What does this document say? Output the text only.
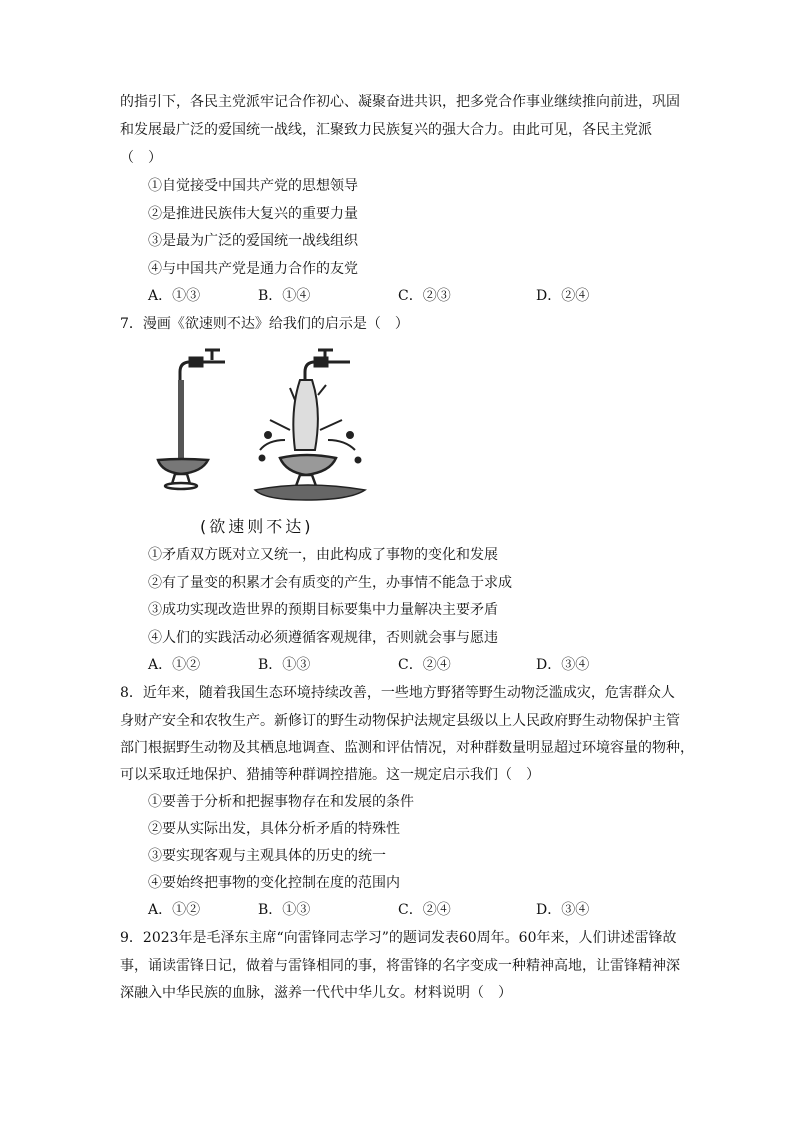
的指引下，各民主党派牢记合作初心、凝聚奋进共识，把多党合作事业继续推向前进，巩固
和发展最广泛的爱国统一战线，汇聚致力民族复兴的强大合力。由此可见，各民主党派
（　）
①自觉接受中国共产党的思想领导
②是推进民族伟大复兴的重要力量
③是最为广泛的爱国统一战线组织
④与中国共产党是通力合作的友党
A．①③	B．①④	C．②③	D．②④
7．漫画《欲速则不达》给我们的启示是（　）
(欲速则不达)
①矛盾双方既对立又统一，由此构成了事物的变化和发展
②有了量变的积累才会有质变的产生，办事情不能急于求成
③成功实现改造世界的预期目标要集中力量解决主要矛盾
④人们的实践活动必须遵循客观规律，否则就会事与愿违
A．①②	B．①③	C．②④	D．③④
8．近年来，随着我国生态环境持续改善，一些地方野猪等野生动物泛滥成灾，危害群众人
身财产安全和农牧生产。新修订的野生动物保护法规定县级以上人民政府野生动物保护主管
部门根据野生动物及其栖息地调查、监测和评估情况，对种群数量明显超过环境容量的物种，
可以采取迁地保护、猎捕等种群调控措施。这一规定启示我们（　）
①要善于分析和把握事物存在和发展的条件
②要从实际出发，具体分析矛盾的特殊性
③要实现客观与主观具体的历史的统一
④要始终把事物的变化控制在度的范围内
A．①②	B．①③	C．②④	D．③④
9．2023年是毛泽东主席“向雷锋同志学习”的题词发表60周年。60年来，人们讲述雷锋故
事，诵读雷锋日记，做着与雷锋相同的事，将雷锋的名字变成一种精神高地，让雷锋精神深
深融入中华民族的血脉，滋养一代代中华儿女。材料说明（　）
